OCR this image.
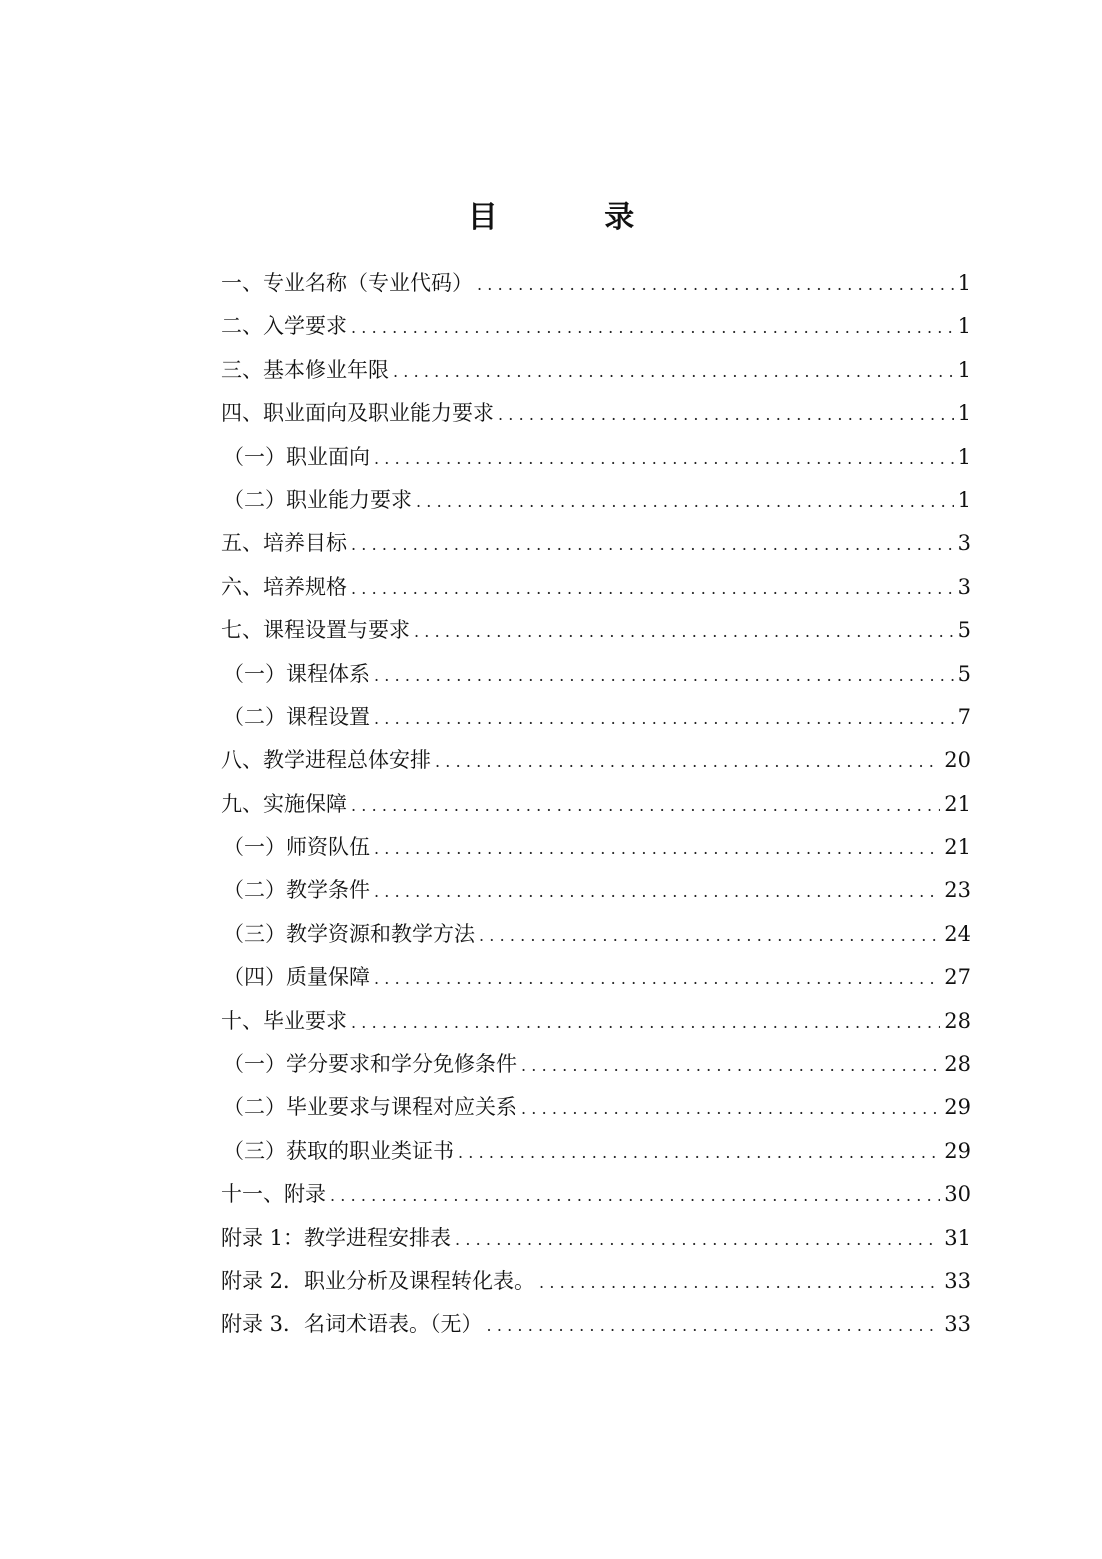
目 录
一、专业名称（专业代码） .....	1
二、入学要求 .....	1
三、基本修业年限 .....	1
四、职业面向及职业能力要求 .....	1
（一）职业面向 .....	1
（二）职业能力要求 .....	1
五、培养目标 .....	3
六、培养规格 .....	3
七、课程设置与要求 .....	5
（一）课程体系 .....	5
（二）课程设置 .....	7
八、教学进程总体安排 .....	20
九、实施保障 .....	21
（一）师资队伍 .....	21
（二）教学条件 .....	23
（三）教学资源和教学方法 .....	24
（四）质量保障 .....	27
十、毕业要求 .....	28
（一）学分要求和学分免修条件 .....	28
（二）毕业要求与课程对应关系 .....	29
（三）获取的职业类证书 .....	29
十一、附录 .....	30
附录 1：教学进程安排表 .....	31
附录 2．职业分析及课程转化表。 .....	33
附录 3．名词术语表。（无） .....	33
